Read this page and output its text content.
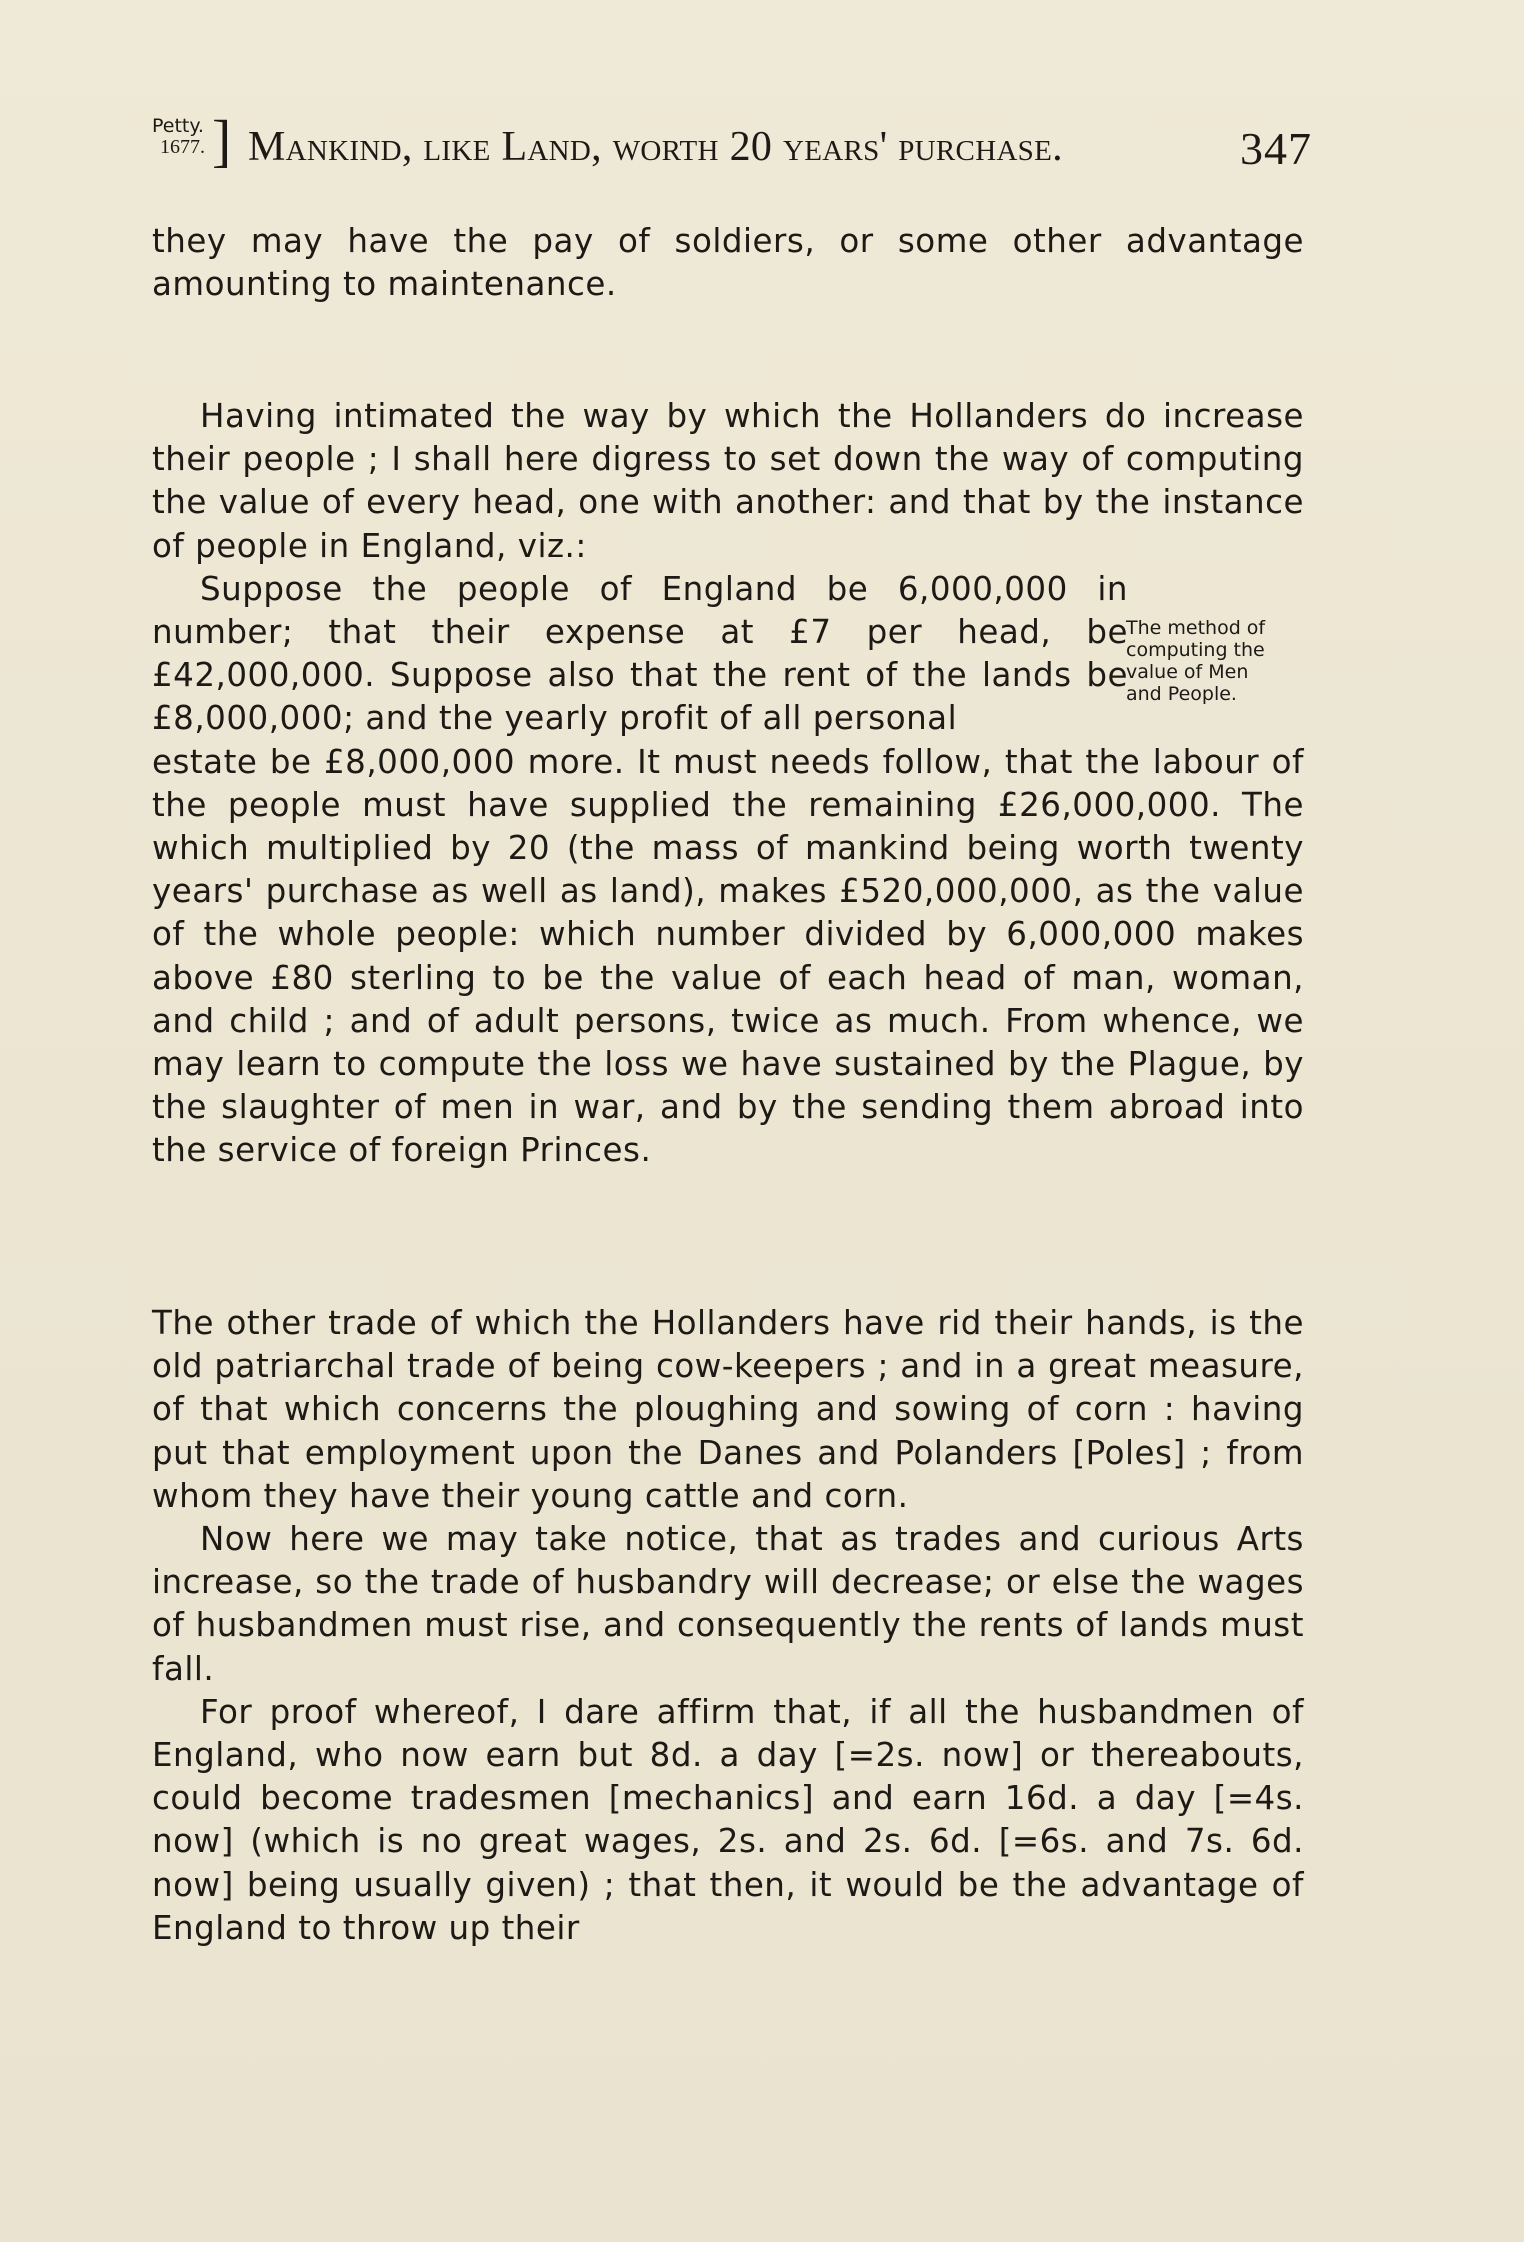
Petty.
1677. ] Mankind, like Land, worth 20 years' purchase.	347

they may have the pay of soldiers, or some other advantage amounting to maintenance.

Having intimated the way by which the Hollanders do increase their people ; I shall here digress to set down the way of computing the value of every head, one with another: and that by the instance of people in England, viz.:

Suppose the people of England be 6,000,000 in number; that their expense at £7 per head, be £42,000,000. Suppose also that the rent of the lands be £8,000,000; and the yearly profit of all personal

estate be £8,000,000 more. It must needs follow, that the labour of the people must have supplied the remaining £26,000,000. The which multiplied by 20 (the mass of mankind being worth twenty years' purchase as well as land), makes £520,000,000, as the value of the whole people: which number divided by 6,000,000 makes above £80 sterling to be the value of each head of man, woman, and child ; and of adult persons, twice as much. From whence, we may learn to compute the loss we have sustained by the Plague, by the slaughter of men in war, and by the sending them abroad into the service of foreign Princes.

The method of
computing the
value of Men
and People.

The other trade of which the Hollanders have rid their hands, is the old patriarchal trade of being cow-keepers ; and in a great measure, of that which concerns the ploughing and sowing of corn : having put that employment upon the Danes and Polanders [Poles] ; from whom they have their young cattle and corn.

Now here we may take notice, that as trades and curious Arts increase, so the trade of husbandry will decrease; or else the wages of husbandmen must rise, and consequently the rents of lands must fall.

For proof whereof, I dare affirm that, if all the husbandmen of England, who now earn but 8d. a day [=2s. now] or thereabouts, could become tradesmen [mechanics] and earn 16d. a day [=4s. now] (which is no great wages, 2s. and 2s. 6d. [=6s. and 7s. 6d. now] being usually given) ; that then, it would be the advantage of England to throw up their
